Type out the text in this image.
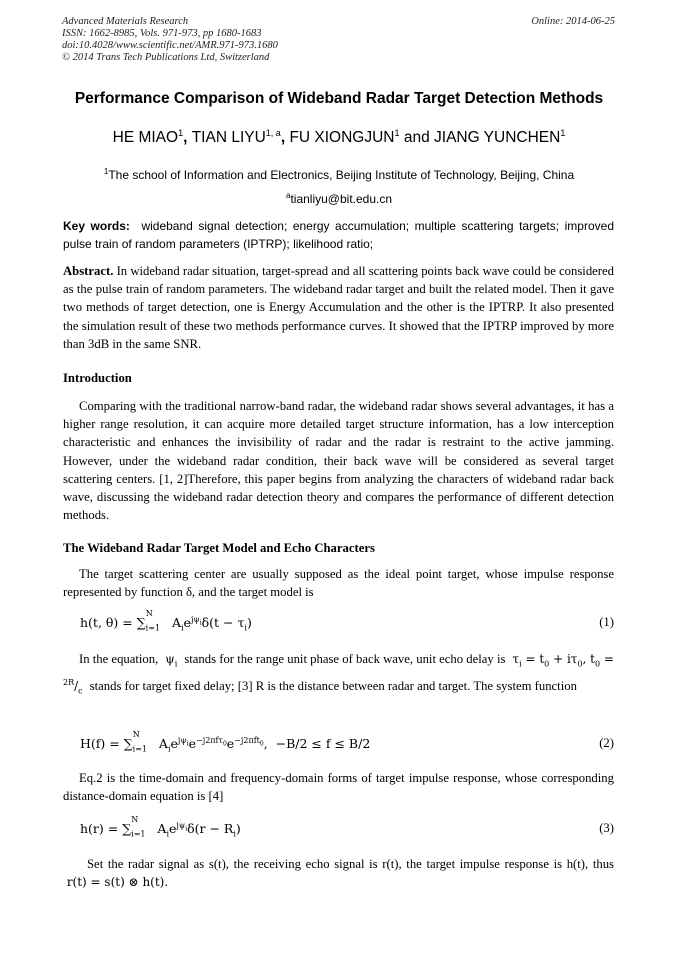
Advanced Materials Research
ISSN: 1662-8985, Vols. 971-973, pp 1680-1683
doi:10.4028/www.scientific.net/AMR.971-973.1680
© 2014 Trans Tech Publications Ltd, Switzerland
Online: 2014-06-25
Performance Comparison of Wideband Radar Target Detection Methods
HE MIAO$^1$, TIAN LIYU$^{1, a}$, FU XIONGJUN$^1$ and JIANG YUNCHEN$^1$
$^1$The school of Information and Electronics, Beijing Institute of Technology, Beijing, China
$^a$tianliyu@bit.edu.cn
Key words: wideband signal detection; energy accumulation; multiple scattering targets; improved pulse train of random parameters (IPTRP); likelihood ratio;
Abstract. In wideband radar situation, target-spread and all scattering points back wave could be considered as the pulse train of random parameters. The wideband radar target and built the related model. Then it gave two methods of target detection, one is Energy Accumulation and the other is the IPTRP. It also presented the simulation result of these two methods performance curves. It showed that the IPTRP improved by more than 3dB in the same SNR.
Introduction
Comparing with the traditional narrow-band radar, the wideband radar shows several advantages, it has a higher range resolution, it can acquire more detailed target structure information, has a low interception characteristic and enhances the invisibility of radar and the radar is restraint to the active jamming. However, under the wideband radar condition, their back wave will be considered as several target scattering centers. [1, 2]Therefore, this paper begins from analyzing the characters of wideband radar back wave, discussing the wideband radar detection theory and compares the performance of different detection methods.
The Wideband Radar Target Model and Echo Characters
The target scattering center are usually supposed as the ideal point target, whose impulse response represented by function δ, and the target model is
h(t, $\theta) = \sum_{i=1}$
N
$A_ie^{j\psi_i}\delta(t - \tau_i)$	(1)
In the equation,  $\psi_i$ stands for the range unit phase of back wave, unit echo delay is  $\tau_i = t_0 + i\tau_0$, $t_0 = ^{2R}/_c$ stands for target fixed delay; [3] R is the distance between radar and target. The system function
$H(f) = \sum_{i=1}$
N
$A_ie^{j\psi_i}e^{-j2\pi f\tau_0}e^{-j2\pi ft_0}$,  −B/2 ≤ f ≤ B/2	(2)
Eq.2 is the time-domain and frequency-domain forms of target impulse response, whose corresponding distance-domain equation is [4]
$h(r) = \sum_{i=1}$
N
$A_ie^{j\psi_i}\delta(r - R_i)$	(3)
Set the radar signal as s(t), the receiving echo signal is r(t), the target impulse response is h(t), thus  r(t) = s(t) ⊗ h(t).
